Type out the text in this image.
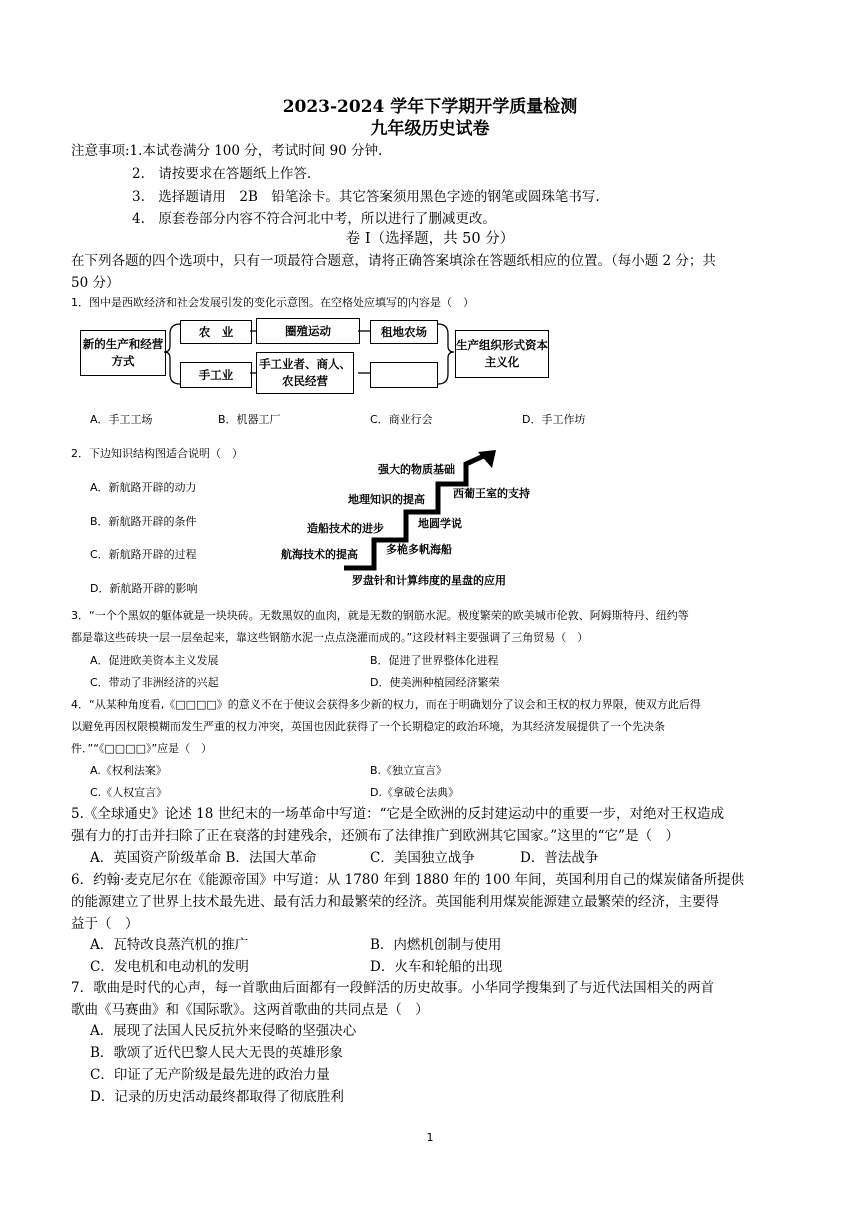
2023-2024 学年下学期开学质量检测
九年级历史试卷
注意事项:1.本试卷满分 100 分，考试时间 90 分钟.
2.　请按要求在答题纸上作答.
3.　选择题请用　2B　铅笔涂卡。其它答案须用黑色字迹的钢笔或圆珠笔书写.
4.　原套卷部分内容不符合河北中考，所以进行了删减更改。
卷 I（选择题，共 50 分）
在下列各题的四个选项中，只有一项最符合题意，请将正确答案填涂在答题纸相应的位置。（每小题 2 分；共
50 分）
1．图中是西欧经济和社会发展引发的变化示意图。在空格处应填写的内容是（　）
新的生产和经营方式
农　业	圈殖运动	租地农场
手工业
手工业者、商人、农民经营
生产组织形式资本主义化
A．手工工场	B．机器工厂	C．商业行会	D．手工作坊
2．下边知识结构图适合说明（　）
A．新航路开辟的动力
B．新航路开辟的条件
C．新航路开辟的过程
D．新航路开辟的影响
强大的物质基础
地理知识的提高	西葡王室的支持
造船技术的进步	地圆学说
航海技术的提高	多桅多帆海船
罗盘针和计算纬度的星盘的应用
3．“一个个黑奴的躯体就是一块块砖。无数黑奴的血肉，就是无数的钢筋水泥。极度繁荣的欧美城市伦敦、阿姆斯特丹、纽约等
都是靠这些砖块一层一层垒起来，靠这些钢筋水泥一点点浇灌而成的。”这段材料主要强调了三角贸易（　）
A．促进欧美资本主义发展	B．促进了世界整体化进程
C．带动了非洲经济的兴起	D．使美洲种植园经济繁荣
4．“从某种角度看,《□□□□》的意义不在于使议会获得多少新的权力，而在于明确划分了议会和王权的权力界限，使双方此后得
以避免再因权限模糊而发生严重的权力冲突，英国也因此获得了一个长期稳定的政治环境，为其经济发展提供了一个先决条
件．”“《□□□□》”应是（　）
A.《权利法案》	B.《独立宣言》
C.《人权宣言》	D.《拿破仑法典》
5.《全球通史》论述 18 世纪末的一场革命中写道：“它是全欧洲的反封建运动中的重要一步，对绝对王权造成
强有力的打击并扫除了正在衰落的封建残余，还颁布了法律推广到欧洲其它国家。”这里的“它”是（　）
A．英国资产阶级革命 B．法国大革命	C．美国独立战争	D．普法战争
6．约翰·麦克尼尔在《能源帝国》中写道：从 1780 年到 1880 年的 100 年间，英国利用自己的煤炭储备所提供
的能源建立了世界上技术最先进、最有活力和最繁荣的经济。英国能利用煤炭能源建立最繁荣的经济，主要得
益于（　）
A．瓦特改良蒸汽机的推广	B．内燃机创制与使用
C．发电机和电动机的发明	D．火车和轮船的出现
7．歌曲是时代的心声，每一首歌曲后面都有一段鲜活的历史故事。小华同学搜集到了与近代法国相关的两首
歌曲《马赛曲》和《国际歌》。这两首歌曲的共同点是（　）
A．展现了法国人民反抗外来侵略的坚强决心
B．歌颂了近代巴黎人民大无畏的英雄形象
C．印证了无产阶级是最先进的政治力量
D．记录的历史活动最终都取得了彻底胜利
1
